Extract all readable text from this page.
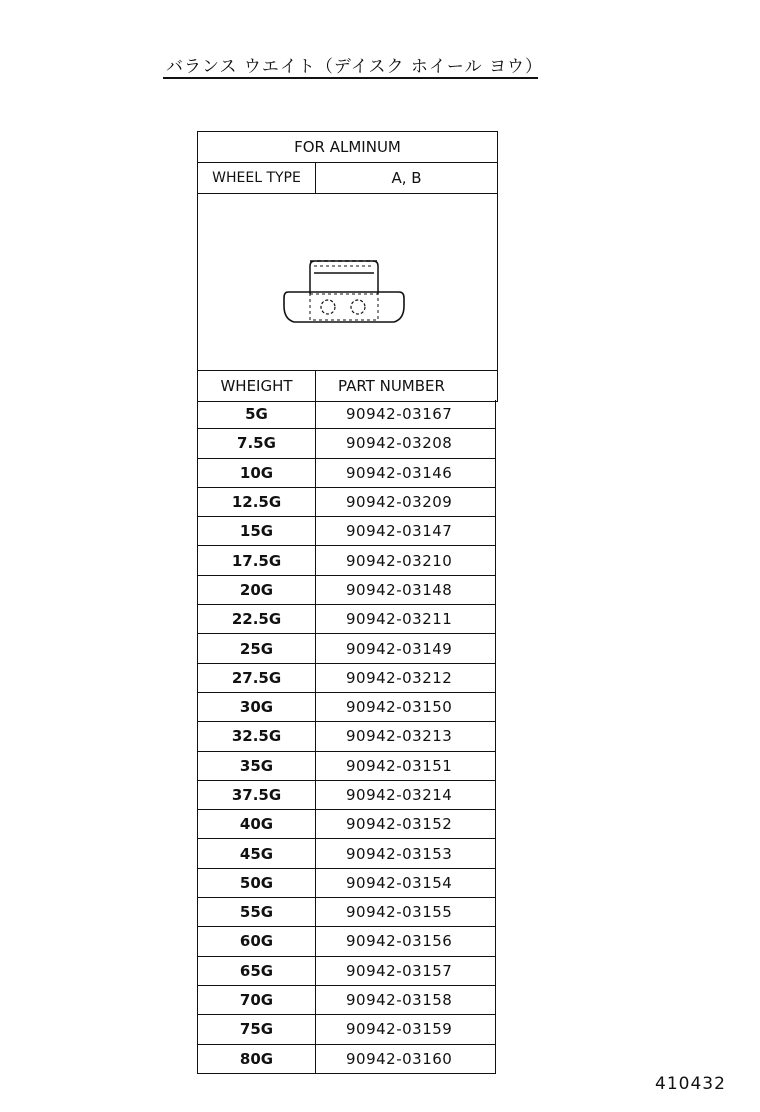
バランス ウエイト（デイスク ホイール ヨウ）
FOR ALMINUM
WHEEL TYPE	A, B
WHEIGHT	PART NUMBER
5G	90942-03167
7.5G	90942-03208
10G	90942-03146
12.5G	90942-03209
15G	90942-03147
17.5G	90942-03210
20G	90942-03148
22.5G	90942-03211
25G	90942-03149
27.5G	90942-03212
30G	90942-03150
32.5G	90942-03213
35G	90942-03151
37.5G	90942-03214
40G	90942-03152
45G	90942-03153
50G	90942-03154
55G	90942-03155
60G	90942-03156
65G	90942-03157
70G	90942-03158
75G	90942-03159
80G	90942-03160
410432
